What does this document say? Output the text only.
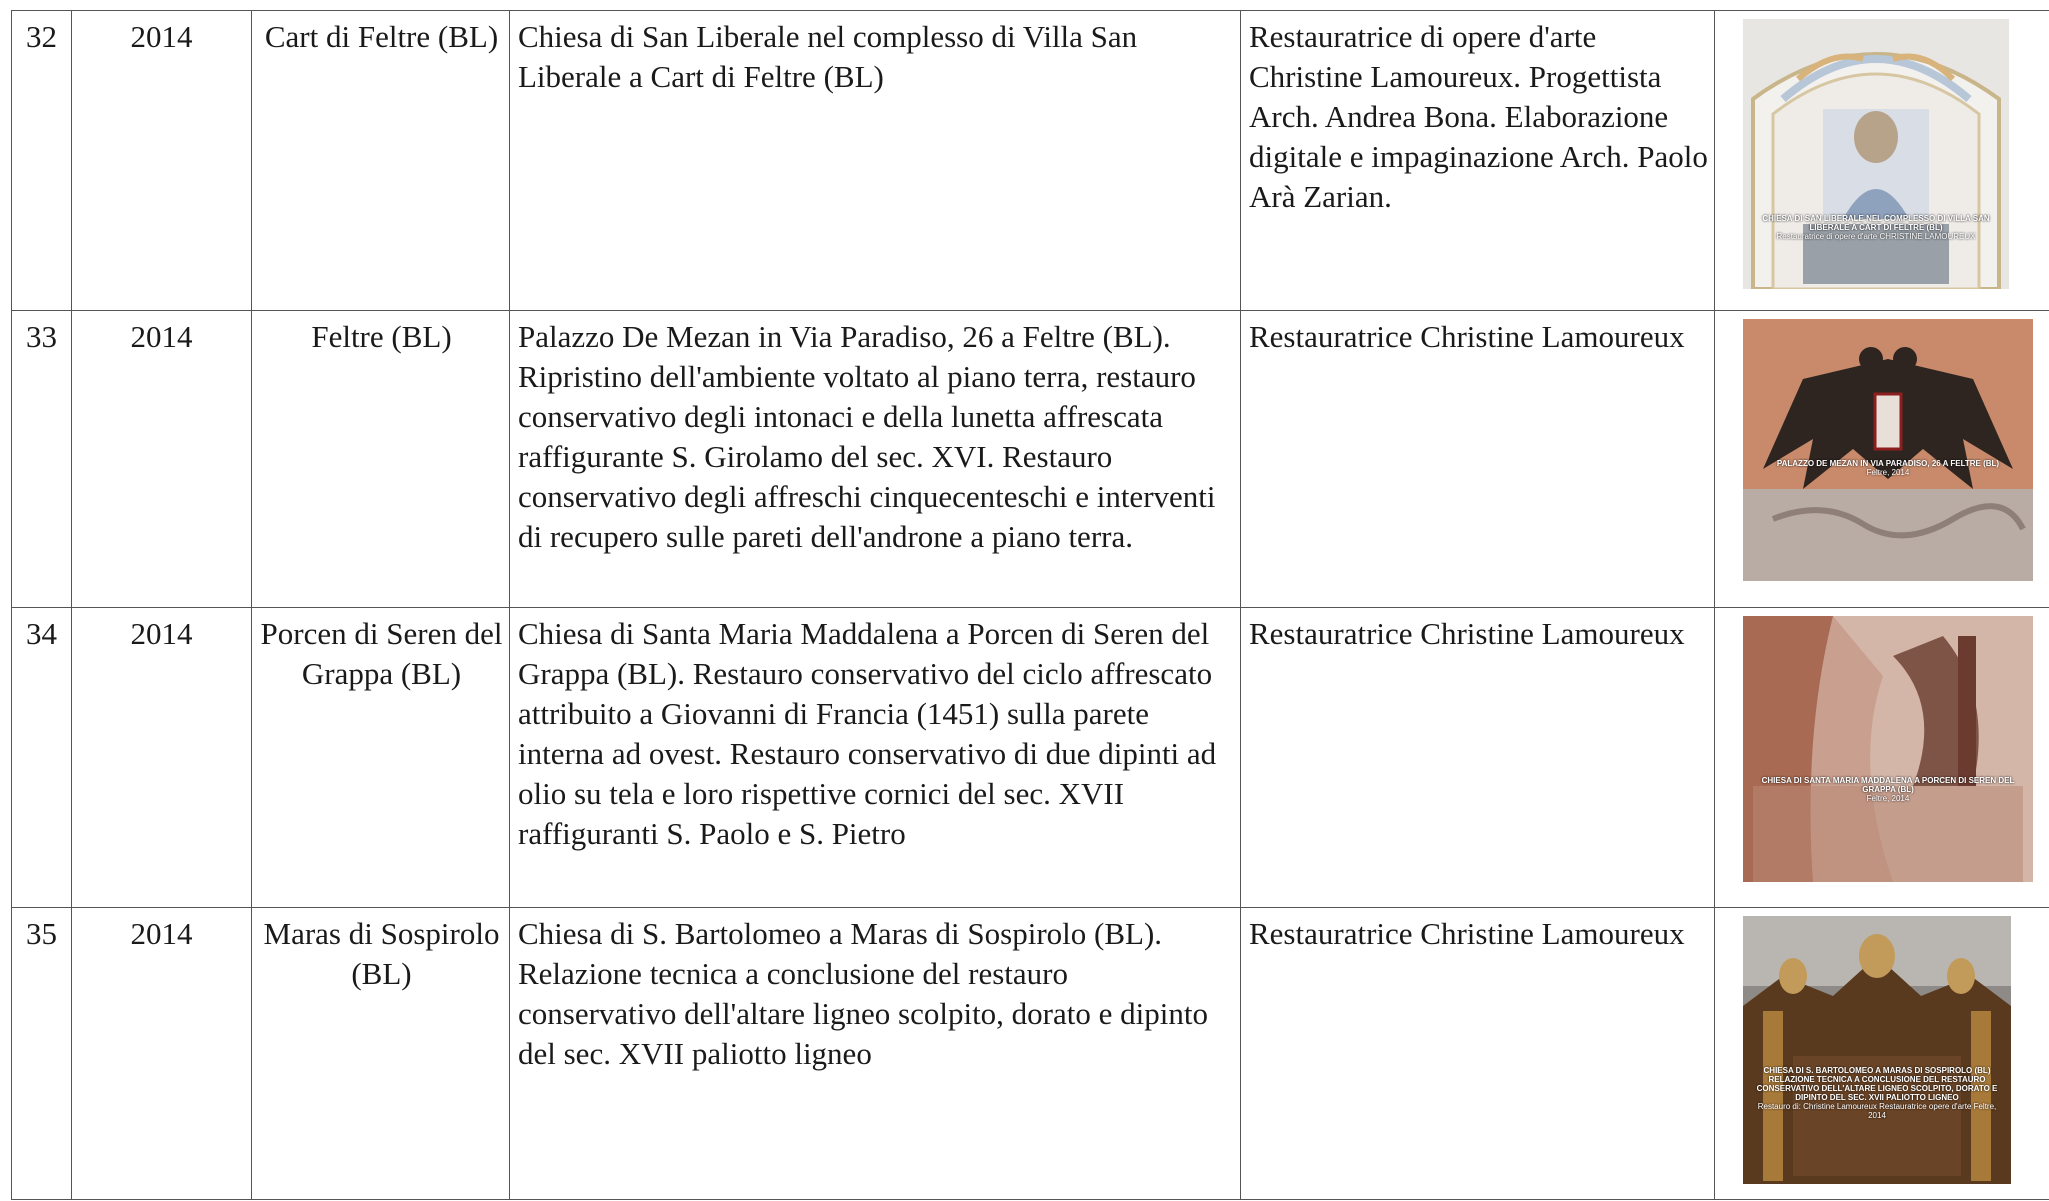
32	2014	Cart di Feltre (BL)	Chiesa di San Liberale nel complesso di Villa San Liberale a Cart di Feltre (BL)	Restauratrice di opere d'arte Christine Lamoureux. Progettista Arch. Andrea Bona. Elaborazione digitale e impaginazione Arch. Paolo Arà Zarian.	CHIESA DI SAN LIBERALE NEL COMPLESSO DI VILLA SAN LIBERALE A CART DI FELTRE (BL)
Restauratrice di opere d'arte CHRISTINE LAMOUREUX

33	2014	Feltre (BL)	Palazzo De Mezan in Via Paradiso, 26 a Feltre (BL). Ripristino dell'ambiente voltato al piano terra, restauro conservativo degli intonaci e della lunetta affrescata raffigurante S. Girolamo del sec. XVI. Restauro conservativo degli affreschi cinquecenteschi e interventi di recupero sulle pareti dell'androne a piano terra.	Restauratrice Christine Lamoureux	PALAZZO DE MEZAN IN VIA PARADISO, 26 A FELTRE (BL)
Feltre, 2014

34	2014	Porcen di Seren del Grappa (BL)	Chiesa di Santa Maria Maddalena a Porcen di Seren del Grappa (BL). Restauro conservativo del ciclo affrescato attribuito a Giovanni di Francia (1451) sulla parete interna ad ovest. Restauro conservativo di due dipinti ad olio su tela e loro rispettive cornici del sec. XVII raffiguranti S. Paolo e S. Pietro	Restauratrice Christine Lamoureux	CHIESA DI SANTA MARIA MADDALENA A PORCEN DI SEREN DEL GRAPPA (BL)
Feltre, 2014

35	2014	Maras di Sospirolo (BL)	Chiesa di S. Bartolomeo a Maras di Sospirolo (BL). Relazione tecnica a conclusione del restauro conservativo dell'altare ligneo scolpito, dorato e dipinto del sec. XVII paliotto ligneo	Restauratrice Christine Lamoureux	CHIESA DI S. BARTOLOMEO A MARAS DI SOSPIROLO (BL) RELAZIONE TECNICA A CONCLUSIONE DEL RESTAURO CONSERVATIVO DELL'ALTARE LIGNEO SCOLPITO, DORATO E DIPINTO DEL SEC. XVII PALIOTTO LIGNEO
Restauro di: Christine Lamoureux Restauratrice opere d'arte Feltre, 2014
